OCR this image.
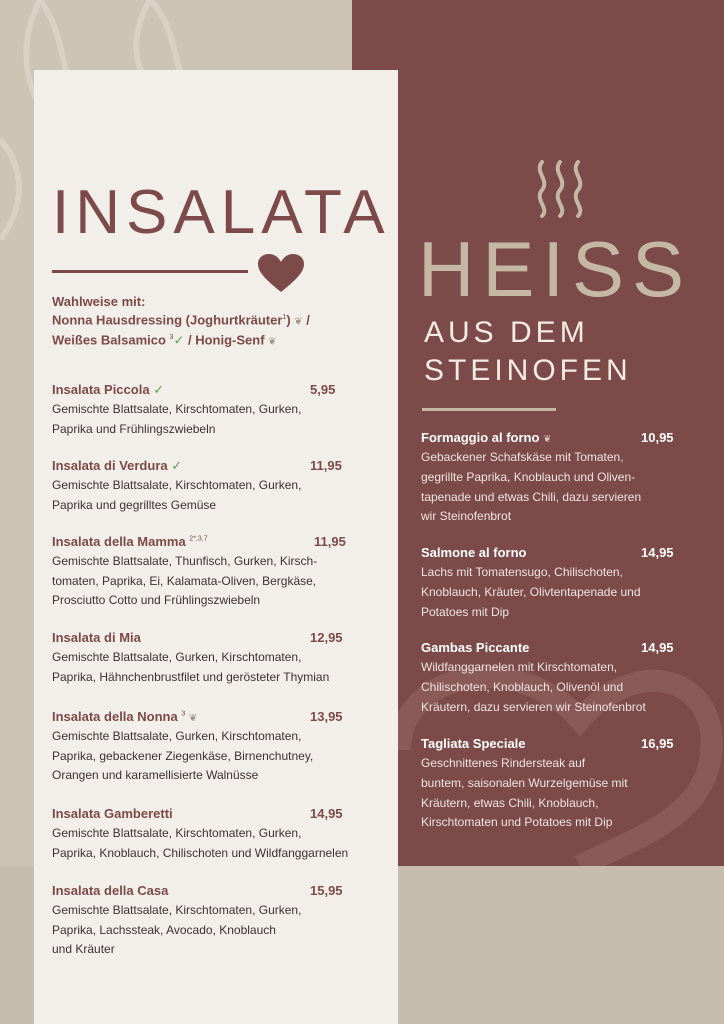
INSALATA
Wahlweise mit:
Nonna Hausdressing (Joghurtkräuter$^1$) ❦ /
Weißes Balsamico $^3$✓ / Honig-Senf ❦
Insalata Piccola ✓	5,95
Gemischte Blattsalate, Kirschtomaten, Gurken,
Paprika und Frühlingszwiebeln
Insalata di Verdura ✓	11,95
Gemischte Blattsalate, Kirschtomaten, Gurken,
Paprika und gegrilltes Gemüse
Insalata della Mamma $^{2*,3,7}$	11,95
Gemischte Blattsalate, Thunfisch, Gurken, Kirsch-
tomaten, Paprika, Ei, Kalamata-Oliven, Bergkäse,
Prosciutto Cotto und Frühlingszwiebeln
Insalata di Mia	12,95
Gemischte Blattsalate, Gurken, Kirschtomaten,
Paprika, Hähnchenbrustfilet und gerösteter Thymian
Insalata della Nonna $^3$ ❦	13,95
Gemischte Blattsalate, Gurken, Kirschtomaten,
Paprika, gebackener Ziegenkäse, Birnenchutney,
Orangen und karamellisierte Walnüsse
Insalata Gamberetti	14,95
Gemischte Blattsalate, Kirschtomaten, Gurken,
Paprika, Knoblauch, Chilischoten und Wildfanggarnelen
Insalata della Casa	15,95
Gemischte Blattsalate, Kirschtomaten, Gurken,
Paprika, Lachssteak, Avocado, Knoblauch
und Kräuter
HEISS
AUS DEM
STEINOFEN
Formaggio al forno ❦	10,95
Gebackener Schafskäse mit Tomaten,
gegrillte Paprika, Knoblauch und Oliven-
tapenade und etwas Chili, dazu servieren
wir Steinofenbrot
Salmone al forno	14,95
Lachs mit Tomatensugo, Chilischoten,
Knoblauch, Kräuter, Olivtentapenade und
Potatoes mit Dip
Gambas Piccante	14,95
Wildfanggarnelen mit Kirschtomaten,
Chilischoten, Knoblauch, Olivenöl und
Kräutern, dazu servieren wir Steinofenbrot
Tagliata Speciale	16,95
Geschnittenes Rindersteak auf
buntem, saisonalen Wurzelgemüse mit
Kräutern, etwas Chili, Knoblauch,
Kirschtomaten und Potatoes mit Dip
